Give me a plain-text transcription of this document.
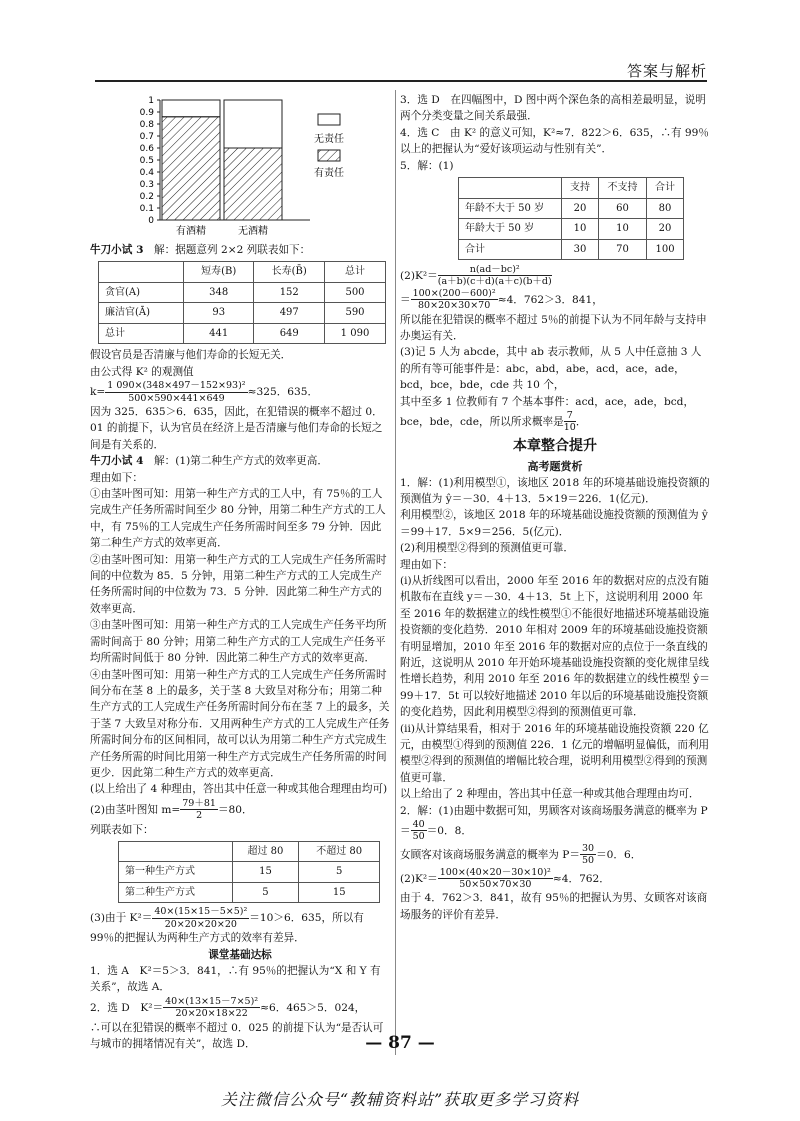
答案与解析
0
0.1
0.2
0.3
0.4
0.5
0.6
0.7
0.8
0.9
1
有酒精	无酒精
无责任
有责任

牛刀小试 3　 解：据题意列 2×2 列联表如下：

	短寿(B)	长寿(B̄)	总计
贪官(A)	348	152	500
廉洁官(Ā)	93	497	590
总计	441	649	1 090

假设官员是否清廉与他们寿命的长短无关．

由公式得 K² 的观测值

$k= \frac{\text{1 090×(348×497－152×93)²}}{500\times 590\times 441\times 649} \approx 325$．635．

因为 325．635＞6．635，因此，在犯错误的概率不超过 0．01 的前提下，认为官员在经济上是否清廉与他们寿命的长短之间是有关系的．

牛刀小试 4　 解：(1)第二种生产方式的效率更高．

理由如下：

①由茎叶图可知：用第一种生产方式的工人中，有 75％的工人完成生产任务所需时间至少 80 分钟，用第二种生产方式的工人中，有 75％的工人完成生产任务所需时间至多 79 分钟．因此第二种生产方式的效率更高．

②由茎叶图可知：用第一种生产方式的工人完成生产任务所需时间的中位数为 85．5 分钟，用第二种生产方式的工人完成生产任务所需时间的中位数为 73．5 分钟．因此第二种生产方式的效率更高．

③由茎叶图可知：用第一种生产方式的工人完成生产任务平均所需时间高于 80 分钟；用第二种生产方式的工人完成生产任务平均所需时间低于 80 分钟．因此第二种生产方式的效率更高．

④由茎叶图可知：用第一种生产方式的工人完成生产任务所需时间分布在茎 8 上的最多，关于茎 8 大致呈对称分布；用第二种生产方式的工人完成生产任务所需时间分布在茎 7 上的最多，关于茎 7 大致呈对称分布．又用两种生产方式的工人完成生产任务所需时间分布的区间相同，故可以认为用第二种生产方式完成生产任务所需的时间比用第一种生产方式完成生产任务所需的时间更少．因此第二种生产方式的效率更高．

(以上给出了 4 种理由，答出其中任意一种或其他合理理由均可)

(2)由茎叶图知 $m= \frac{79+81}{2} =80$．

列联表如下：

	超过 80	不超过 80
第一种生产方式	15	5
第二种生产方式	5	15

(3)由于 $K^2= \frac{\text{40×(15×15－5×5)²}}{20\times 20\times 20\times 20} =10>6$．635，所以有 99％的把握认为两种生产方式的效率有差异．

课堂基础达标

1．选 A　K²＝5＞3．841，∴有 95％的把握认为“X 和 Y 有关系”，故选 A．

2．选 D　$K^2= \frac{\text{40×(13×15－7×5)²}}{20\times 20\times 18\times 22} \approx 6$．465＞5．024，

∴可以在犯错误的概率不超过 0．025 的前提下认为“是否认可与城市的拥堵情况有关”，故选 D．

3．选 D　在四幅图中，D 图中两个深色条的高相差最明显，说明两个分类变量之间关系最强．

4．选 C　由 K² 的意义可知，K²≈7．822＞6．635，∴有 99％以上的把握认为“爱好该项运动与性别有关”．

5．解：(1)

	支持	不支持	合计
年龄不大于 50 岁	20	60	80
年龄大于 50 岁	10	10	20
合计	30	70	100

$(2)K^2= \frac{\text{n(ad－bc)²}}{(a+b)(c+d)(a+c)(b+d)}$

＝ $\frac{\text{100×(200－600)²}}{80\times 20\times 30\times 70} \approx 4$．762＞3．841，

所以能在犯错误的概率不超过 5％的前提下认为不同年龄与支持申办奥运有关．

(3)记 5 人为 abcde，其中 ab 表示教师，从 5 人中任意抽 3 人的所有等可能事件是：abc，abd，abe，acd，ace，ade，bcd，bce，bde，cde 共 10 个，

其中至多 1 位教师有 7 个基本事件：acd，ace，ade，bcd，bce，bde，cde，所以所求概率是 $\frac{7}{10}$ ．

本章整合提升

高考题赏析

1．解：(1)利用模型①，该地区 2018 年的环境基础设施投资额的预测值为 ŷ＝－30．4＋13．5×19＝226．1(亿元)．

利用模型②，该地区 2018 年的环境基础设施投资额的预测值为 ŷ＝99＋17．5×9＝256．5(亿元)．

(2)利用模型②得到的预测值更可靠．

理由如下：

(ⅰ)从折线图可以看出，2000 年至 2016 年的数据对应的点没有随机散布在直线 y＝－30．4＋13．5t 上下，这说明利用 2000 年至 2016 年的数据建立的线性模型①不能很好地描述环境基础设施投资额的变化趋势．2010 年相对 2009 年的环境基础设施投资额有明显增加，2010 年至 2016 年的数据对应的点位于一条直线的附近，这说明从 2010 年开始环境基础设施投资额的变化规律呈线性增长趋势，利用 2010 年至 2016 年的数据建立的线性模型 ŷ＝99＋17．5t 可以较好地描述 2010 年以后的环境基础设施投资额的变化趋势，因此利用模型②得到的预测值更可靠．

(ⅱ)从计算结果看，相对于 2016 年的环境基础设施投资额 220 亿元，由模型①得到的预测值 226．1 亿元的增幅明显偏低，而利用模型②得到的预测值的增幅比较合理，说明利用模型②得到的预测值更可靠．

以上给出了 2 种理由，答出其中任意一种或其他合理理由均可．

2．解：(1)由题中数据可知，男顾客对该商场服务满意的概率为 $P= \frac{40}{50} =0$．8．

女顾客对该商场服务满意的概率为 $P= \frac{30}{50} =0$．6．

$(2)K^2= \frac{\text{100×(40×20－30×10)²}}{50\times 50\times 70\times 30} \approx 4$．762．

由于 4．762＞3．841，故有 95％的把握认为男、女顾客对该商场服务的评价有差异．

— 87 —
关注微信公众号“教辅资料站”获取更多学习资料
